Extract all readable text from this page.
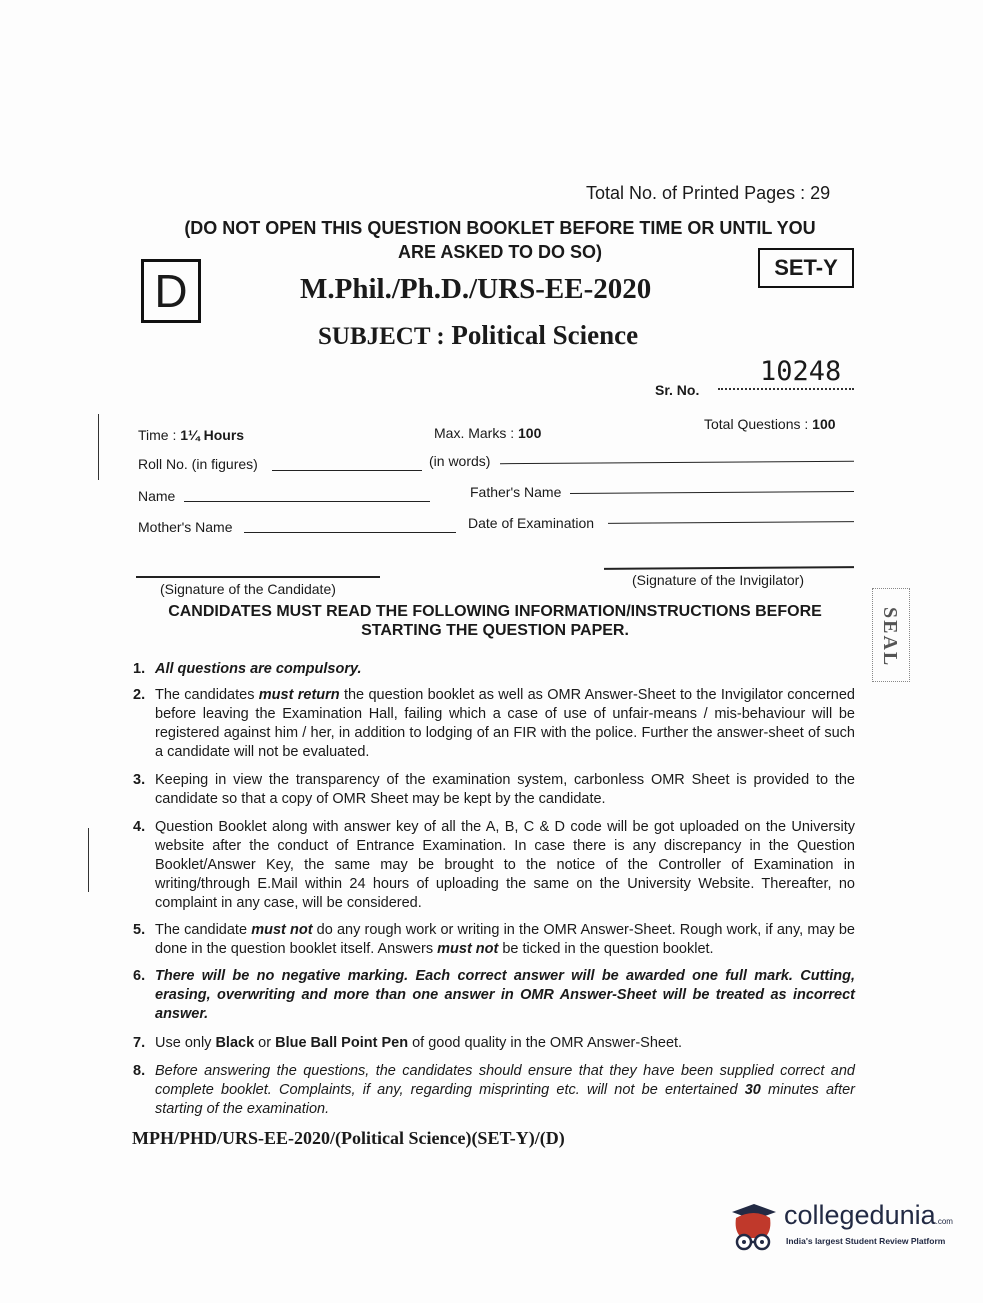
Total No. of Printed Pages : 29
(DO NOT OPEN THIS QUESTION BOOKLET BEFORE TIME OR UNTIL YOU
ARE ASKED TO DO SO)
D	SET-Y
M.Phil./Ph.D./URS-EE-2020
SUBJECT : Political Science
10248
Sr. No.
Time : 1¼ Hours	Max. Marks : 100
Total Questions : 100
Roll No. (in figures)	(in words)
Name	Father's Name
Mother's Name	Date of Examination
(Signature of the Candidate)
(Signature of the Invigilator)
SEAL
CANDIDATES MUST READ THE FOLLOWING INFORMATION/INSTRUCTIONS BEFORE
STARTING THE QUESTION PAPER.
1. All questions are compulsory.
2. The candidates must return the question booklet as well as OMR Answer-Sheet to the Invigilator concerned before leaving the Examination Hall, failing which a case of use of unfair-means / mis-behaviour will be registered against him / her, in addition to lodging of an FIR with the police. Further the answer-sheet of such a candidate will not be evaluated.
3. Keeping in view the transparency of the examination system, carbonless OMR Sheet is provided to the candidate so that a copy of OMR Sheet may be kept by the candidate.
4. Question Booklet along with answer key of all the A, B, C & D code will be got uploaded on the University website after the conduct of Entrance Examination. In case there is any discrepancy in the Question Booklet/Answer Key, the same may be brought to the notice of the Controller of Examination in writing/through E.Mail within 24 hours of uploading the same on the University Website. Thereafter, no complaint in any case, will be considered.
5. The candidate must not do any rough work or writing in the OMR Answer-Sheet. Rough work, if any, may be done in the question booklet itself. Answers must not be ticked in the question booklet.
6. There will be no negative marking. Each correct answer will be awarded one full mark. Cutting, erasing, overwriting and more than one answer in OMR Answer-Sheet will be treated as incorrect answer.
7. Use only Black or Blue Ball Point Pen of good quality in the OMR Answer-Sheet.
8. Before answering the questions, the candidates should ensure that they have been supplied correct and complete booklet. Complaints, if any, regarding misprinting etc. will not be entertained 30 minutes after starting of the examination.
MPH/PHD/URS-EE-2020/(Political Science)(SET-Y)/(D)
collegedunia.com
India's largest Student Review Platform
